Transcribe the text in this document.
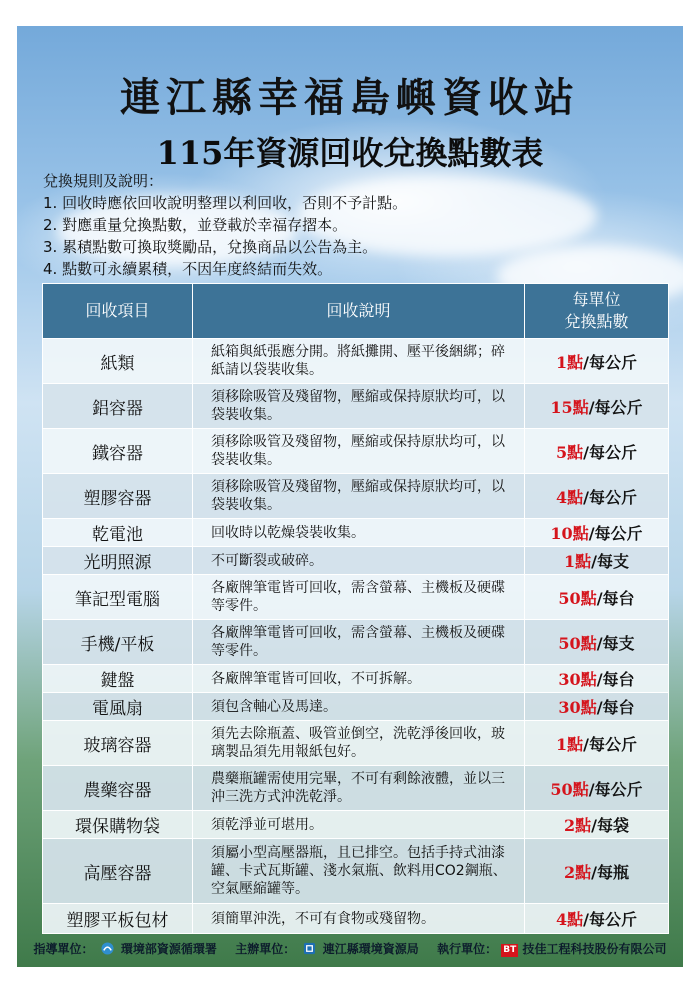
連江縣幸福島嶼資收站
115年資源回收兌換點數表
兌換規則及說明：
1. 回收時應依回收說明整理以利回收，否則不予計點。
2. 對應重量兌換點數，並登載於幸福存摺本。
3. 累積點數可換取獎勵品，兌換商品以公告為主。
4. 點數可永續累積，不因年度終結而失效。
回收項目	回收說明	每單位
兌換點數

紙類	紙箱與紙張應分開。將紙攤開、壓平後綑綁；碎紙請以袋裝收集。	1點/每公斤
鋁容器	須移除吸管及殘留物，壓縮或保持原狀均可，以袋裝收集。	15點/每公斤
鐵容器	須移除吸管及殘留物，壓縮或保持原狀均可，以袋裝收集。	5點/每公斤
塑膠容器	須移除吸管及殘留物，壓縮或保持原狀均可，以袋裝收集。	4點/每公斤
乾電池	回收時以乾燥袋裝收集。	10點/每公斤
光明照源	不可斷裂或破碎。	1點/每支
筆記型電腦	各廠牌筆電皆可回收，需含螢幕、主機板及硬碟等零件。	50點/每台
手機/平板	各廠牌筆電皆可回收，需含螢幕、主機板及硬碟等零件。	50點/每支
鍵盤	各廠牌筆電皆可回收，不可拆解。	30點/每台
電風扇	須包含軸心及馬達。	30點/每台
玻璃容器	須先去除瓶蓋、吸管並倒空，洗乾淨後回收，玻璃製品須先用報紙包好。	1點/每公斤
農藥容器	農藥瓶罐需使用完畢，不可有剩餘液體，並以三沖三洗方式沖洗乾淨。	50點/每公斤
環保購物袋	須乾淨並可堪用。	2點/每袋
高壓容器	須屬小型高壓器瓶，且已排空。包括手持式油漆罐、卡式瓦斯罐、淺水氣瓶、飲料用CO2鋼瓶、空氣壓縮罐等。	2點/每瓶
塑膠平板包材	須簡單沖洗，不可有食物或殘留物。	4點/每公斤
指導單位： 環境部資源循環署 主辦單位： 連江縣環境資源局 執行單位： BT 技佳工程科技股份有限公司
